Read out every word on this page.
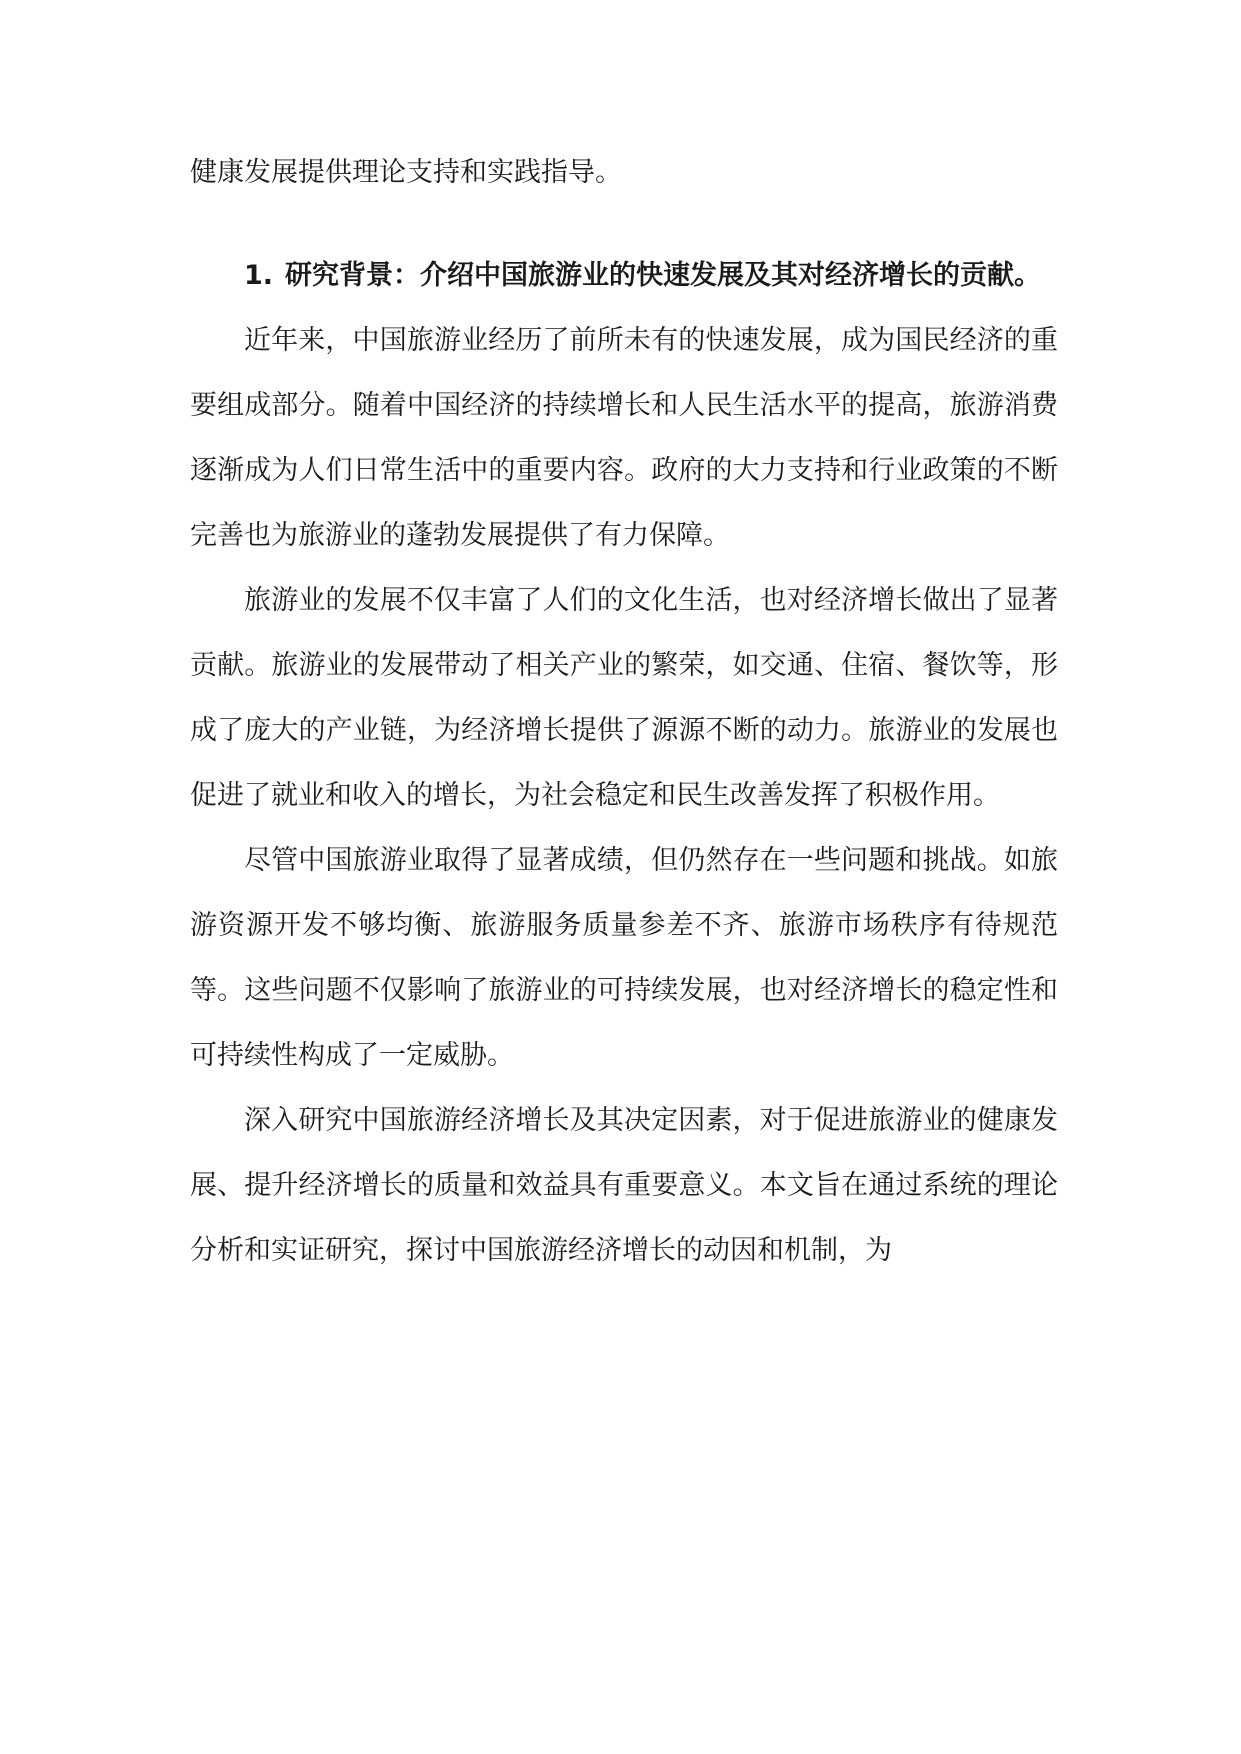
健康发展提供理论支持和实践指导。

1. 研究背景：介绍中国旅游业的快速发展及其对经济增长的贡献。

近年来，中国旅游业经历了前所未有的快速发展，成为国民经济的重要组成部分。随着中国经济的持续增长和人民生活水平的提高，旅游消费逐渐成为人们日常生活中的重要内容。政府的大力支持和行业政策的不断完善也为旅游业的蓬勃发展提供了有力保障。

旅游业的发展不仅丰富了人们的文化生活，也对经济增长做出了显著贡献。旅游业的发展带动了相关产业的繁荣，如交通、住宿、餐饮等，形成了庞大的产业链，为经济增长提供了源源不断的动力。旅游业的发展也促进了就业和收入的增长，为社会稳定和民生改善发挥了积极作用。

尽管中国旅游业取得了显著成绩，但仍然存在一些问题和挑战。如旅游资源开发不够均衡、旅游服务质量参差不齐、旅游市场秩序有待规范等。这些问题不仅影响了旅游业的可持续发展，也对经济增长的稳定性和可持续性构成了一定威胁。

深入研究中国旅游经济增长及其决定因素，对于促进旅游业的健康发展、提升经济增长的质量和效益具有重要意义。本文旨在通过系统的理论分析和实证研究，探讨中国旅游经济增长的动因和机制，为
